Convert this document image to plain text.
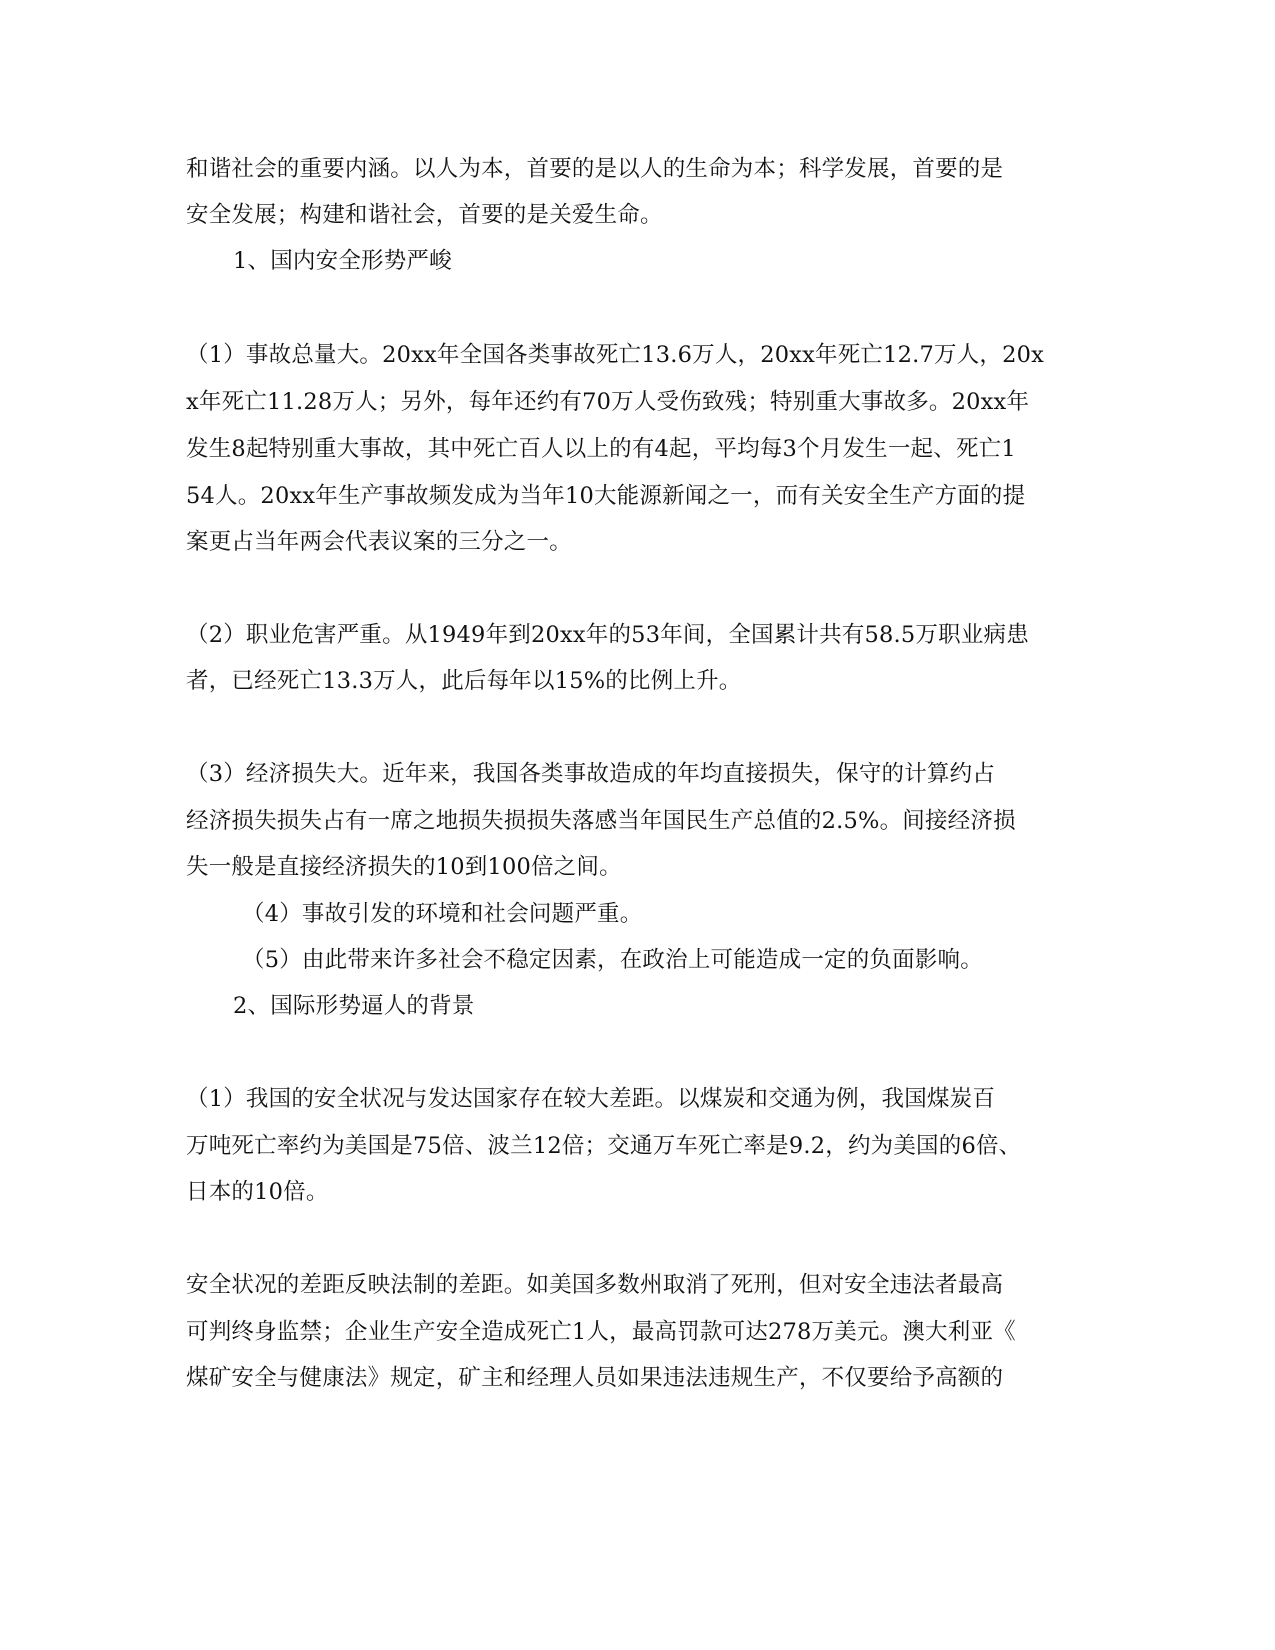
和谐社会的重要内涵。以人为本，首要的是以人的生命为本；科学发展，首要的是
安全发展；构建和谐社会，首要的是关爱生命。
1、国内安全形势严峻
（1）事故总量大。20xx年全国各类事故死亡13.6万人，20xx年死亡12.7万人，20x
x年死亡11.28万人；另外，每年还约有70万人受伤致残；特别重大事故多。20xx年
发生8起特别重大事故，其中死亡百人以上的有4起，平均每3个月发生一起、死亡1
54人。20xx年生产事故频发成为当年10大能源新闻之一，而有关安全生产方面的提
案更占当年两会代表议案的三分之一。
（2）职业危害严重。从1949年到20xx年的53年间，全国累计共有58.5万职业病患
者，已经死亡13.3万人，此后每年以15%的比例上升。
（3）经济损失大。近年来，我国各类事故造成的年均直接损失，保守的计算约占
经济损失损失占有一席之地损失损损失落感当年国民生产总值的2.5%。间接经济损
失一般是直接经济损失的10到100倍之间。
（4）事故引发的环境和社会问题严重。
（5）由此带来许多社会不稳定因素，在政治上可能造成一定的负面影响。
2、国际形势逼人的背景
（1）我国的安全状况与发达国家存在较大差距。以煤炭和交通为例，我国煤炭百
万吨死亡率约为美国是75倍、波兰12倍；交通万车死亡率是9.2，约为美国的6倍、
日本的10倍。
安全状况的差距反映法制的差距。如美国多数州取消了死刑，但对安全违法者最高
可判终身监禁；企业生产安全造成死亡1人，最高罚款可达278万美元。澳大利亚《
煤矿安全与健康法》规定，矿主和经理人员如果违法违规生产，不仅要给予高额的
